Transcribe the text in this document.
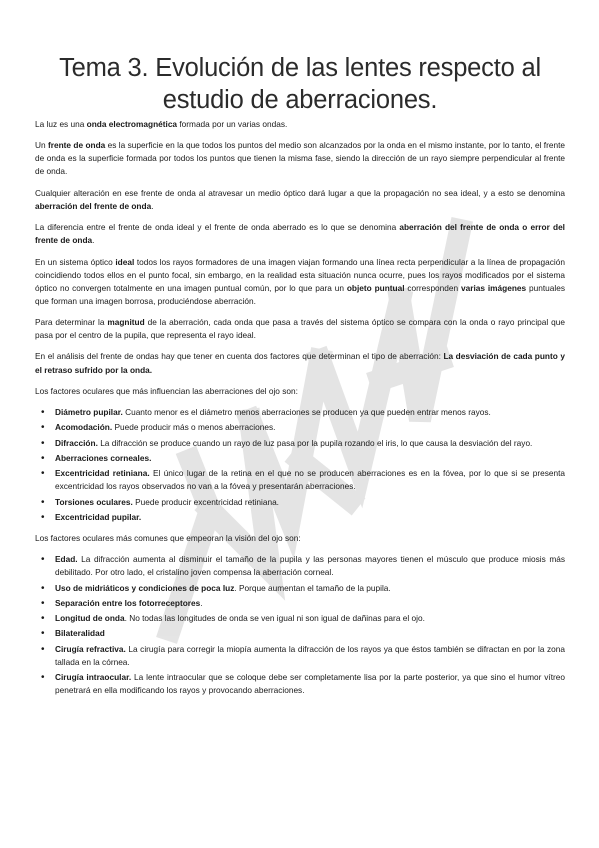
Tema 3. Evolución de las lentes respecto al estudio de aberraciones.

La luz es una onda electromagnética formada por un varias ondas.

Un frente de onda es la superficie en la que todos los puntos del medio son alcanzados por la onda en el mismo instante, por lo tanto, el frente de onda es la superficie formada por todos los puntos que tienen la misma fase, siendo la dirección de un rayo siempre perpendicular al frente de onda.

Cualquier alteración en ese frente de onda al atravesar un medio óptico dará lugar a que la propagación no sea ideal, y a esto se denomina aberración del frente de onda.

La diferencia entre el frente de onda ideal y el frente de onda aberrado es lo que se denomina aberración del frente de onda o error del frente de onda.

En un sistema óptico ideal todos los rayos formadores de una imagen viajan formando una línea recta perpendicular a la línea de propagación coincidiendo todos ellos en el punto focal, sin embargo, en la realidad esta situación nunca ocurre, pues los rayos modificados por el sistema óptico no convergen totalmente en una imagen puntual común, por lo que para un objeto puntual corresponden varias imágenes puntuales que forman una imagen borrosa, produciéndose aberración.

Para determinar la magnitud de la aberración, cada onda que pasa a través del sistema óptico se compara con la onda o rayo principal que pasa por el centro de la pupila, que representa el rayo ideal.

En el análisis del frente de ondas hay que tener en cuenta dos factores que determinan el tipo de aberración: La desviación de cada punto y el retraso sufrido por la onda.

Los factores oculares que más influencian las aberraciones del ojo son:

• Diámetro pupilar. Cuanto menor es el diámetro menos aberraciones se producen ya que pueden entrar menos rayos.
• Acomodación. Puede producir más o menos aberraciones.
• Difracción. La difracción se produce cuando un rayo de luz pasa por la pupila rozando el iris, lo que causa la desviación del rayo.
• Aberraciones corneales.
• Excentricidad retiniana. El único lugar de la retina en el que no se producen aberraciones es en la fóvea, por lo que si se presenta excentricidad los rayos observados no van a la fóvea y presentarán aberraciones.
• Torsiones oculares. Puede producir excentricidad retiniana.
• Excentricidad pupilar.

Los factores oculares más comunes que empeoran la visión del ojo son:

• Edad. La difracción aumenta al disminuir el tamaño de la pupila y las personas mayores tienen el músculo que produce miosis más debilitado. Por otro lado, el cristalino joven compensa la aberración corneal.
• Uso de midriáticos y condiciones de poca luz. Porque aumentan el tamaño de la pupila.
• Separación entre los fotorreceptores.
• Longitud de onda. No todas las longitudes de onda se ven igual ni son igual de dañinas para el ojo.
• Bilateralidad
• Cirugía refractiva. La cirugía para corregir la miopía aumenta la difracción de los rayos ya que éstos también se difractan en por la zona tallada en la córnea.
• Cirugía intraocular. La lente intraocular que se coloque debe ser completamente lisa por la parte posterior, ya que sino el humor vítreo penetrará en ella modificando los rayos y provocando aberraciones.
